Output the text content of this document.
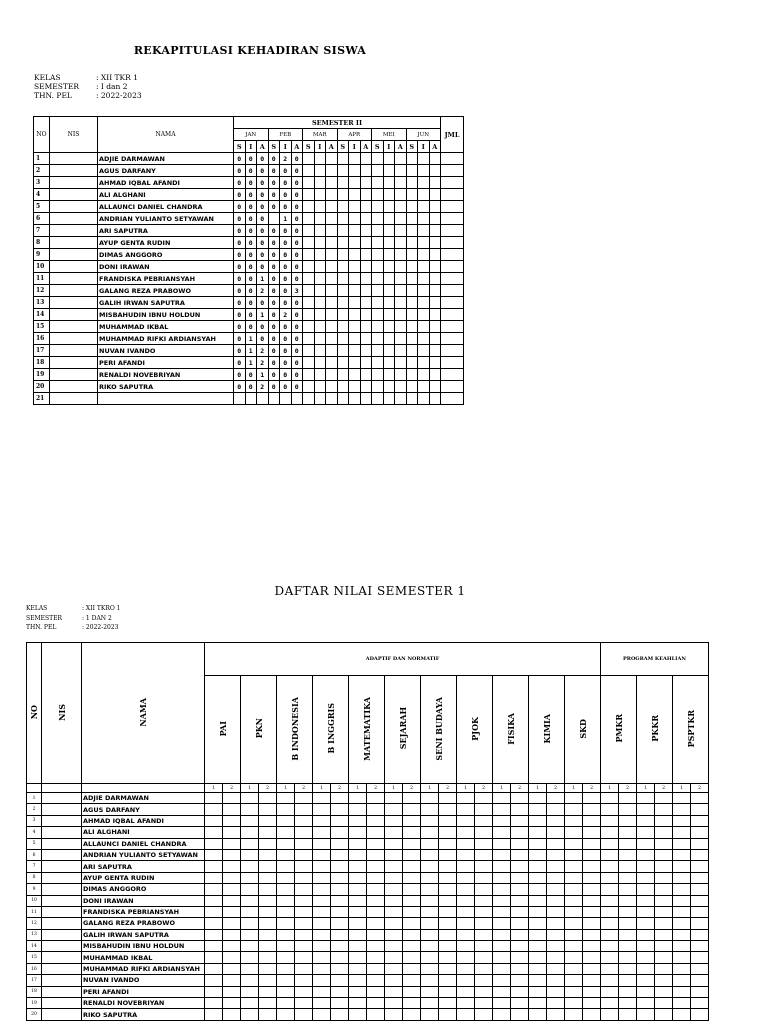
REKAPITULASI KEHADIRAN SISWA
KELAS	: XII TKR 1
SEMESTER	: I dan 2
THN. PEL	: 2022-2023
NO	NIS	NAMA	SEMESTER II																		JML
			JAN			FEB			MAR			APR			MEI			JUN			
			S	I	A	S	I	A	S	I	A	S	I	A	S	I	A	S	I	A	
1		ADJIE DARMAWAN	0	0	0	0	2	0													
2		AGUS DARFANY	0	0	0	0	0	0													
3		AHMAD IQBAL AFANDI	0	0	0	0	0	0													
4		ALI ALGHANI	0	0	0	0	0	0													
5		ALLAUNCI DANIEL CHANDRA	0	0	0	0	0	0													
6		ANDRIAN YULIANTO SETYAWAN	0	0	0		1	0													
7		ARI SAPUTRA	0	0	0	0	0	0													
8		AYUP GENTA RUDIN	0	0	0	0	0	0													
9		DIMAS ANGGORO	0	0	0	0	0	0													
10		DONI IRAWAN	0	0	0	0	0	0													
11		FRANDISKA PEBRIANSYAH	0	0	1	0	0	0													
12		GALANG REZA PRABOWO	0	0	2	0	0	3													
13		GALIH IRWAN SAPUTRA	0	0	0	0	0	0													
14		MISBAHUDIN IBNU HOLDUN	0	0	1	0	2	0													
15		MUHAMMAD IKBAL	0	0	0	0	0	0													
16		MUHAMMAD RIFKI ARDIANSYAH	0	1	0	0	0	0													
17		NUVAN IVANDO	0	1	2	0	0	0													
18		PERI AFANDI	0	1	2	0	0	0													
19		RENALDI NOVEBRIYAN	0	0	1	0	0	0													
20		RIKO SAPUTRA	0	0	2	0	0	0													
21																					
DAFTAR NILAI SEMESTER 1
KELAS	: XII TKRO 1
SEMESTER	: 1 DAN 2
THN. PEL	: 2022-2023
NO	NIS	NAMA	ADAPTIF DAN NORMATIF																						PROGRAM KEAHLIAN					
			PAI		PKN		B INDONESIA		B INGGRIS		MATEMATIKA		SEJARAH		SENI BUDAYA		PJOK		FISIKA		KIMIA		SKD		PMKR		PKKR		PSPTKR	
			1	2	1	2	1	2	1	2	1	2	1	2	1	2	1	2	1	2	1	2	1	2	1	2	1	2	1	2
1		ADJIE DARMAWAN																												
2		AGUS DARFANY																												
3		AHMAD IQBAL AFANDI																												
4		ALI ALGHANI																												
5		ALLAUNCI DANIEL CHANDRA																												
6		ANDRIAN YULIANTO SETYAWAN																												
7		ARI SAPUTRA																												
8		AYUP GENTA RUDIN																												
9		DIMAS ANGGORO																												
10		DONI IRAWAN																												
11		FRANDISKA PEBRIANSYAH																												
12		GALANG REZA PRABOWO																												
13		GALIH IRWAN SAPUTRA																												
14		MISBAHUDIN IBNU HOLDUN																												
15		MUHAMMAD IKBAL																												
16		MUHAMMAD RIFKI ARDIANSYAH																												
17		NUVAN IVANDO																												
18		PERI AFANDI																												
19		RENALDI NOVEBRIYAN																												
20		RIKO SAPUTRA																												
